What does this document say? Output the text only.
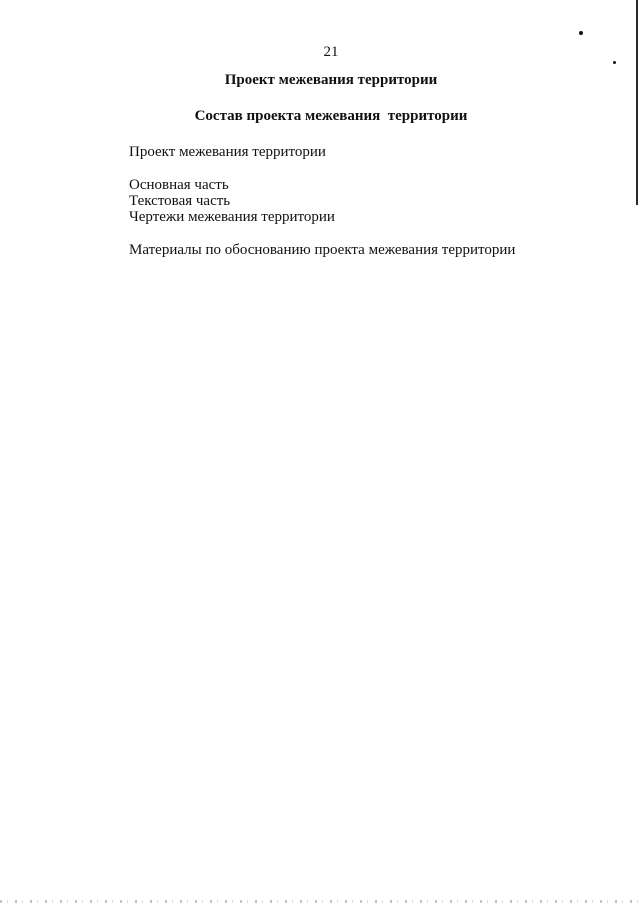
21
Проект межевания территории
Состав проекта межевания  территории
Проект межевания территории
Основная часть
Текстовая часть
Чертежи межевания территории
Материалы по обоснованию проекта межевания территории
